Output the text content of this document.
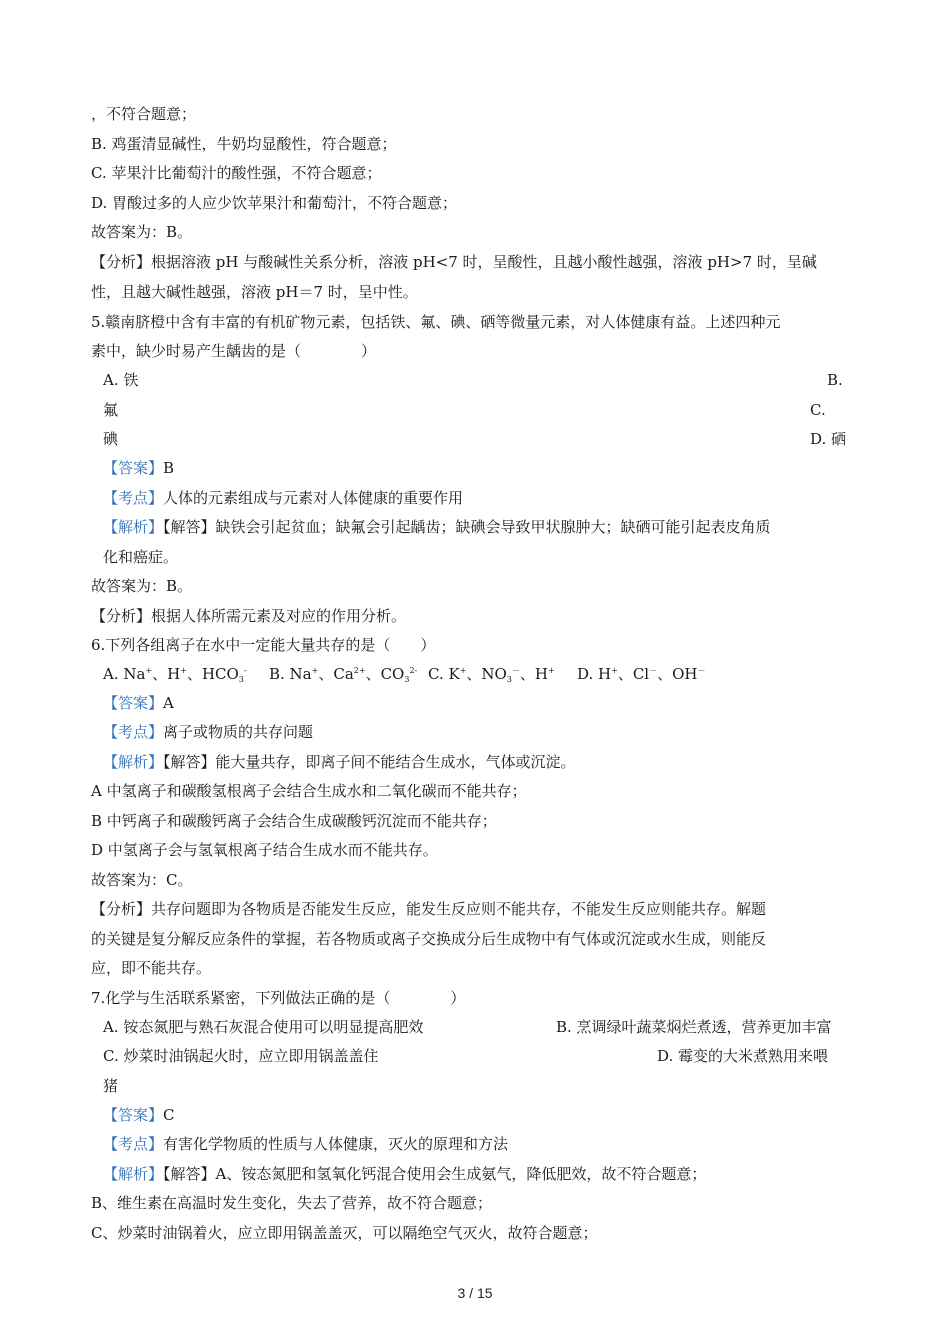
，不符合题意；
B. 鸡蛋清显碱性，牛奶均显酸性，符合题意；
C. 苹果汁比葡萄汁的酸性强，不符合题意；
D. 胃酸过多的人应少饮苹果汁和葡萄汁，不符合题意；
故答案为：B。
【分析】根据溶液 pH 与酸碱性关系分析，溶液 pH<7 时，呈酸性，且越小酸性越强，溶液 pH>7 时，呈碱
性，且越大碱性越强，溶液 pH＝7 时，呈中性。
5.赣南脐橙中含有丰富的有机矿物元素，包括铁、氟、碘、硒等微量元素，对人体健康有益。上述四种元
素中，缺少时易产生龋齿的是（　　　　）
A. 铁	B.
氟	C.
碘	D. 硒
【答案】B
【考点】人体的元素组成与元素对人体健康的重要作用
【解析】【解答】缺铁会引起贫血；缺氟会引起龋齿；缺碘会导致甲状腺肿大；缺硒可能引起表皮角质
化和癌症。
故答案为：B。
【分析】根据人体所需元素及对应的作用分析。
6.下列各组离子在水中一定能大量共存的是（　　）
A. Na+、H+、$HCO_3^-$ B. Na+、$Ca^{2+}$、$CO_3^{2-}$ C. K+、$NO_3^-$、H+ D. H+、Cl－、OH－
【答案】A
【考点】离子或物质的共存问题
【解析】【解答】能大量共存，即离子间不能结合生成水，气体或沉淀。
A 中氢离子和碳酸氢根离子会结合生成水和二氧化碳而不能共存；
B 中钙离子和碳酸钙离子会结合生成碳酸钙沉淀而不能共存；
D 中氢离子会与氢氧根离子结合生成水而不能共存。
故答案为：C。
【分析】共存问题即为各物质是否能发生反应，能发生反应则不能共存，不能发生反应则能共存。解题
的关键是复分解反应条件的掌握，若各物质或离子交换成分后生成物中有气体或沉淀或水生成，则能反
应，即不能共存。
7.化学与生活联系紧密，下列做法正确的是（　　　　）
A. 铵态氮肥与熟石灰混合使用可以明显提高肥效	B. 烹调绿叶蔬菜焖烂煮透，营养更加丰富
C. 炒菜时油锅起火时，应立即用锅盖盖住	D. 霉变的大米煮熟用来喂
猪
【答案】C
【考点】有害化学物质的性质与人体健康，灭火的原理和方法
【解析】【解答】A、铵态氮肥和氢氧化钙混合使用会生成氨气，降低肥效，故不符合题意；
B、维生素在高温时发生变化，失去了营养，故不符合题意；
C、炒菜时油锅着火，应立即用锅盖盖灭，可以隔绝空气灭火，故符合题意；
3 / 15
